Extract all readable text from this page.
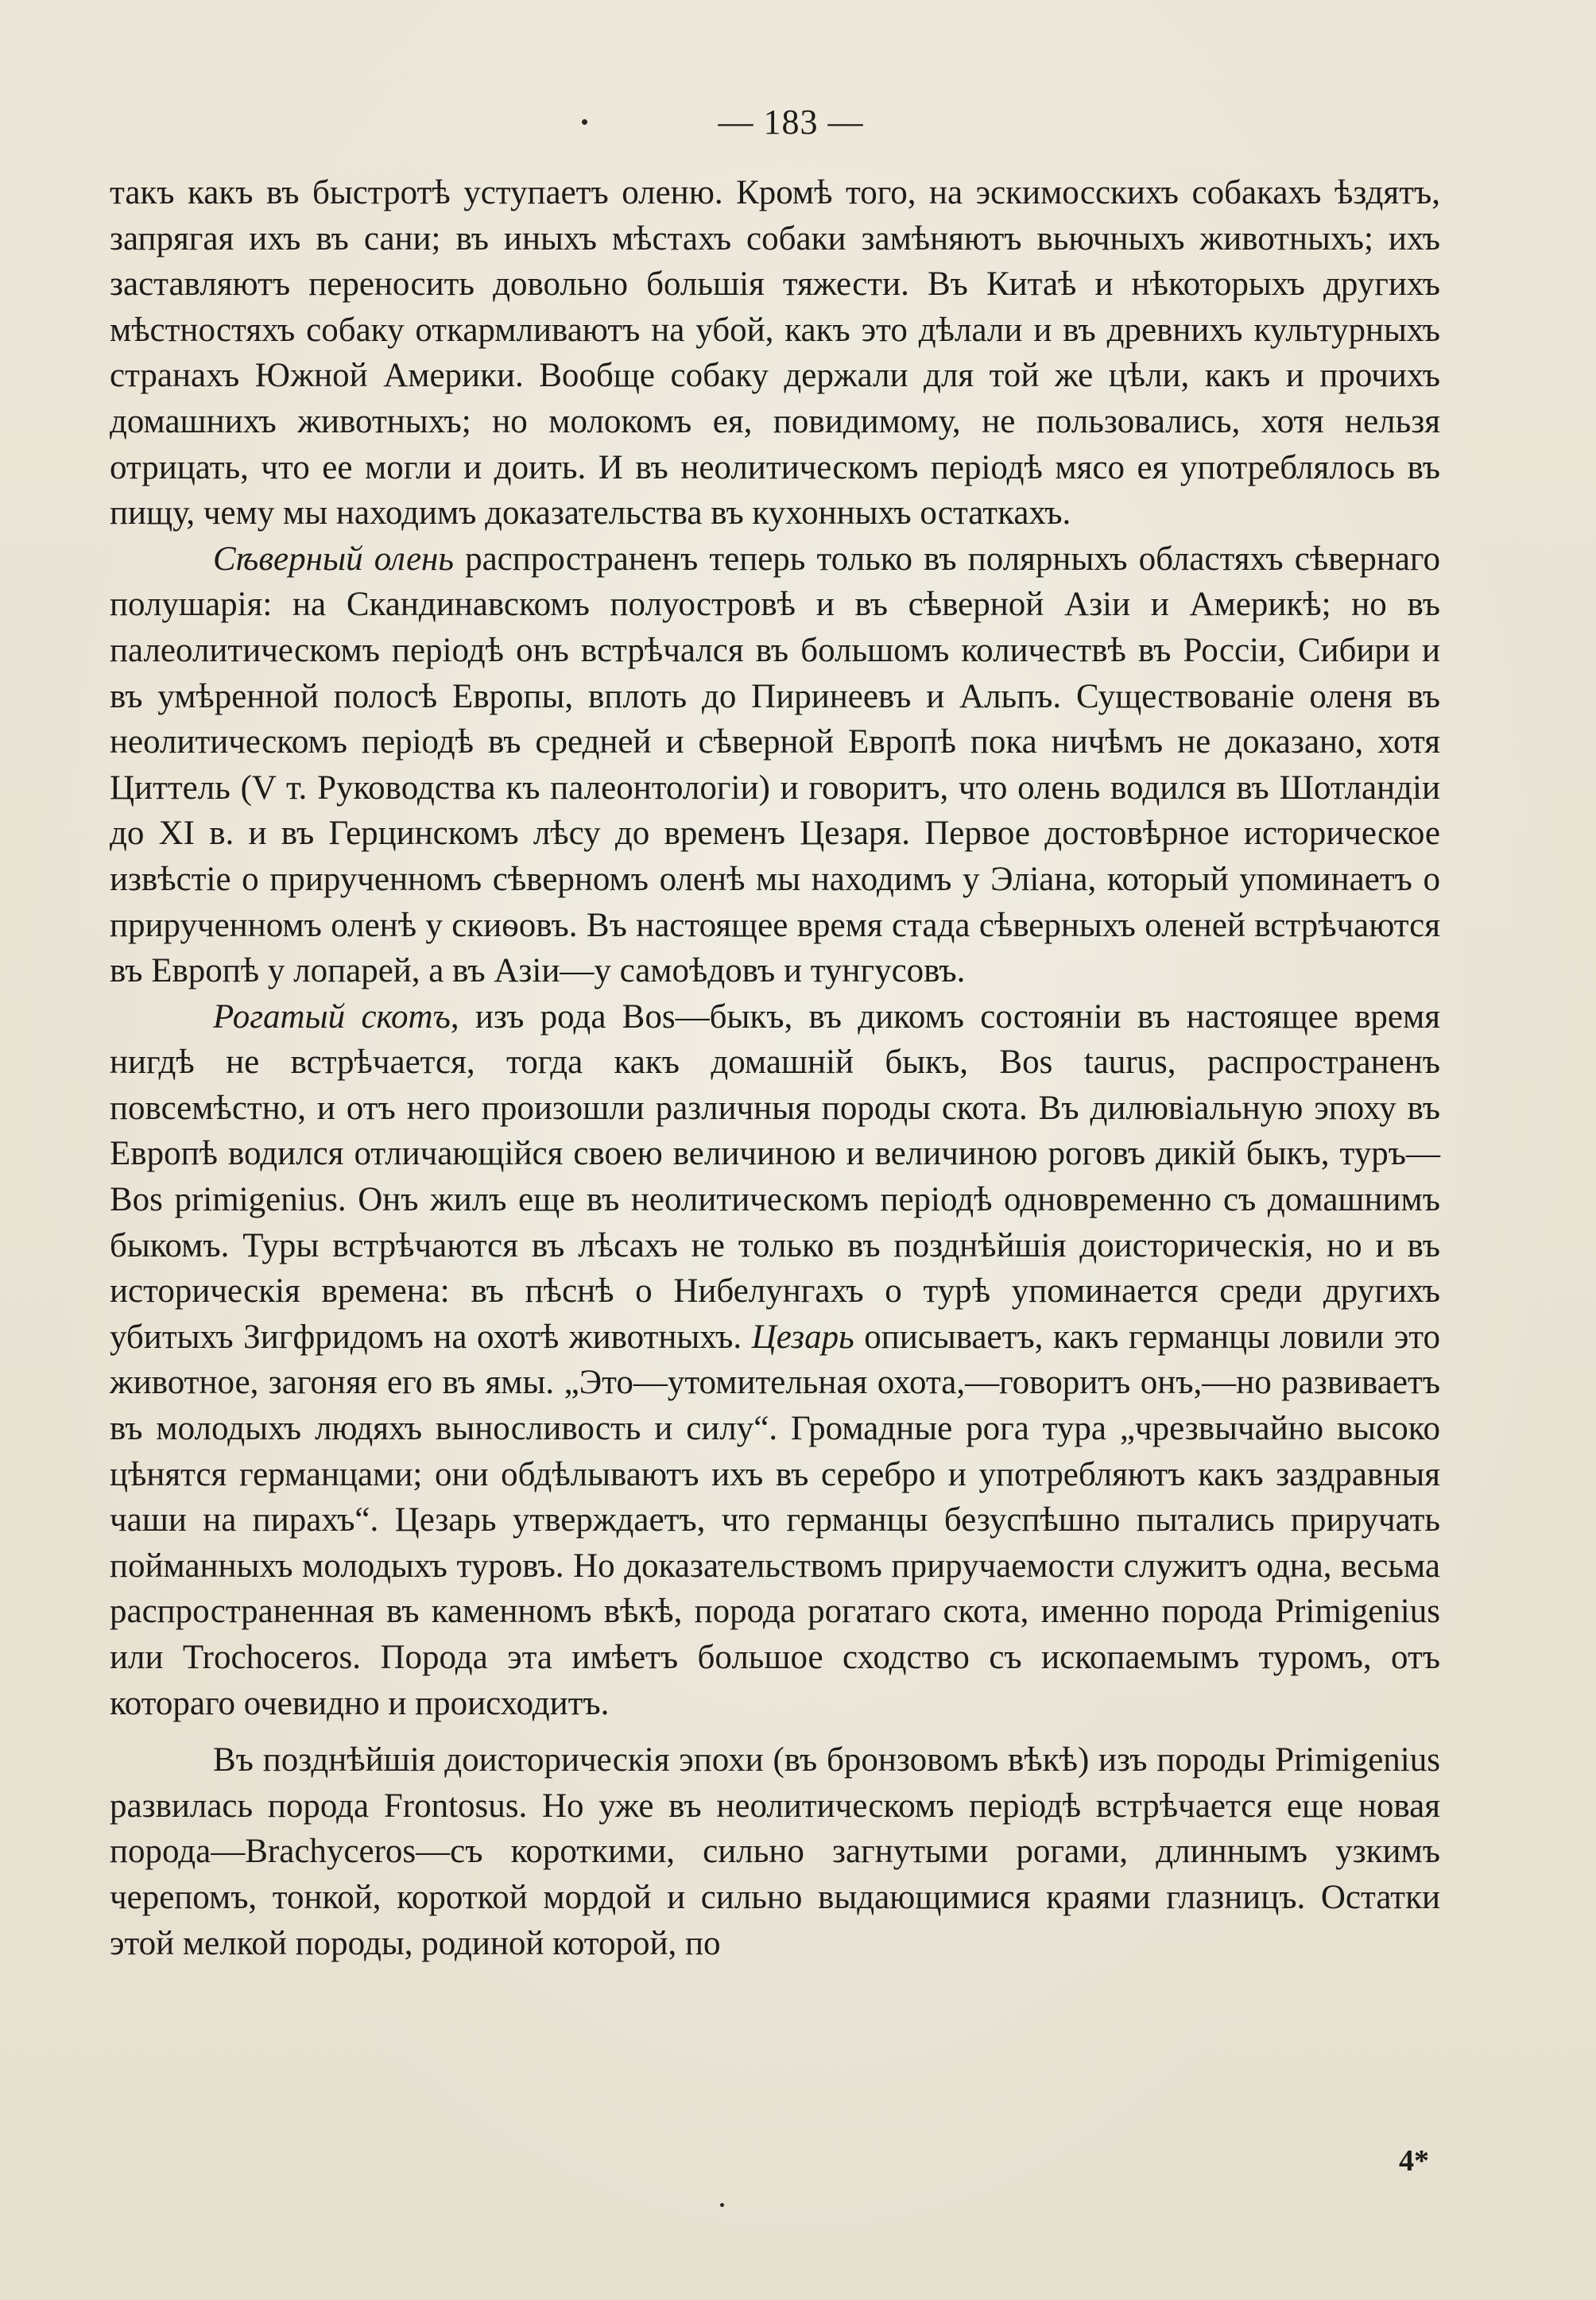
— 183 —

такъ какъ въ быстротѣ уступаетъ оленю. Кромѣ того, на эскимосскихъ собакахъ ѣздятъ, запрягая ихъ въ сани; въ иныхъ мѣстахъ собаки замѣняютъ вьючныхъ животныхъ; ихъ заставляютъ переносить довольно большія тяжести. Въ Китаѣ и нѣкоторыхъ другихъ мѣстностяхъ собаку откармливаютъ на убой, какъ это дѣлали и въ древнихъ культурныхъ странахъ Южной Америки. Вообще собаку держали для той же цѣли, какъ и прочихъ домашнихъ животныхъ; но молокомъ ея, повидимому, не пользовались, хотя нельзя отрицать, что ее могли и доить. И въ неолитическомъ періодѣ мясо ея употреблялось въ пищу, чему мы находимъ доказательства въ кухонныхъ остаткахъ.

Сѣверный олень распространенъ теперь только въ полярныхъ областяхъ сѣвернаго полушарія: на Скандинавскомъ полуостровѣ и въ сѣверной Азіи и Америкѣ; но въ палеолитическомъ періодѣ онъ встрѣчался въ большомъ количествѣ въ Россіи, Сибири и въ умѣренной полосѣ Европы, вплоть до Пиринеевъ и Альпъ. Существованіе оленя въ неолитическомъ періодѣ въ средней и сѣверной Европѣ пока ничѣмъ не доказано, хотя Циттель (V т. Руководства къ палеонтологіи) и говоритъ, что олень водился въ Шотландіи до XI в. и въ Герцинскомъ лѣсу до временъ Цезаря. Первое достовѣрное историческое извѣстіе о прирученномъ сѣверномъ оленѣ мы находимъ у Эліана, который упоминаетъ о прирученномъ оленѣ у скиѳовъ. Въ настоящее время стада сѣверныхъ оленей встрѣчаются въ Европѣ у лопарей, а въ Азіи—у самоѣдовъ и тунгусовъ.

Рогатый скотъ, изъ рода Bos—быкъ, въ дикомъ состояніи въ настоящее время нигдѣ не встрѣчается, тогда какъ домашній быкъ, Bos taurus, распространенъ повсемѣстно, и отъ него произошли различныя породы скота. Въ дилювіальную эпоху въ Европѣ водился отличающійся своею величиною и величиною роговъ дикій быкъ, туръ—Bos primigenius. Онъ жилъ еще въ неолитическомъ періодѣ одновременно съ домашнимъ быкомъ. Туры встрѣчаются въ лѣсахъ не только въ позднѣйшія доисторическія, но и въ историческія времена: въ пѣснѣ о Нибелунгахъ о турѣ упоминается среди другихъ убитыхъ Зигфридомъ на охотѣ животныхъ. Цезарь описываетъ, какъ германцы ловили это животное, загоняя его въ ямы. „Это—утомительная охота,—говоритъ онъ,—но развиваетъ въ молодыхъ людяхъ выносливость и силу“. Громадные рога тура „чрезвычайно высоко цѣнятся германцами; они обдѣлываютъ ихъ въ серебро и употребляютъ какъ заздравныя чаши на пирахъ“. Цезарь утверждаетъ, что германцы безуспѣшно пытались приручать пойманныхъ молодыхъ туровъ. Но доказательствомъ приручаемости служитъ одна, весьма распространенная въ каменномъ вѣкѣ, порода рогатаго скота, именно порода Primigenius или Trochoceros. Порода эта имѣетъ большое сходство съ ископаемымъ туромъ, отъ котораго очевидно и происходитъ.

Въ позднѣйшія доисторическія эпохи (въ бронзовомъ вѣкѣ) изъ породы Primigenius развилась порода Frontosus. Но уже въ неолитическомъ періодѣ встрѣчается еще новая порода—Brachyceros—съ короткими, сильно загнутыми рогами, длиннымъ узкимъ черепомъ, тонкой, короткой мордой и сильно выдающимися краями глазницъ. Остатки этой мелкой породы, родиной которой, по

4*
